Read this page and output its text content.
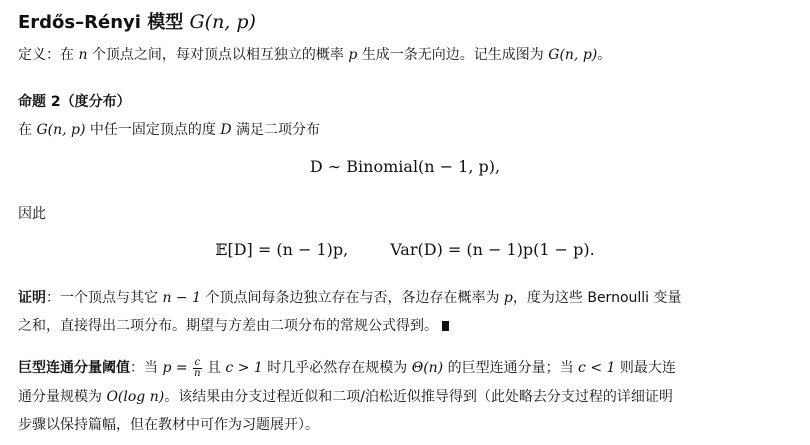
Erdős–Rényi 模型 G(n, p)
定义：在 n 个顶点之间，每对顶点以相互独立的概率 p 生成一条无向边。记生成图为 G(n, p)。
命题 2（度分布）
在 G(n, p) 中任一固定顶点的度 D 满足二项分布
D ∼ Binomial(n − 1, p),
因此
𝔼[D] = (n − 1)p,	Var(D) = (n − 1)p(1 − p).
证明：一个顶点与其它 n − 1 个顶点间每条边独立存在与否，各边存在概率为 p，度为这些 Bernoulli 变量
之和，直接得出二项分布。期望与方差由二项分布的常规公式得到。
巨型连通分量阈值：当 $p = \frac{c}{n}$ 且 c > 1 时几乎必然存在规模为 Θ(n) 的巨型连通分量；当 c < 1 则最大连
通分量规模为 O(log n)。该结果由分支过程近似和二项/泊松近似推导得到（此处略去分支过程的详细证明
步骤以保持篇幅，但在教材中可作为习题展开）。
